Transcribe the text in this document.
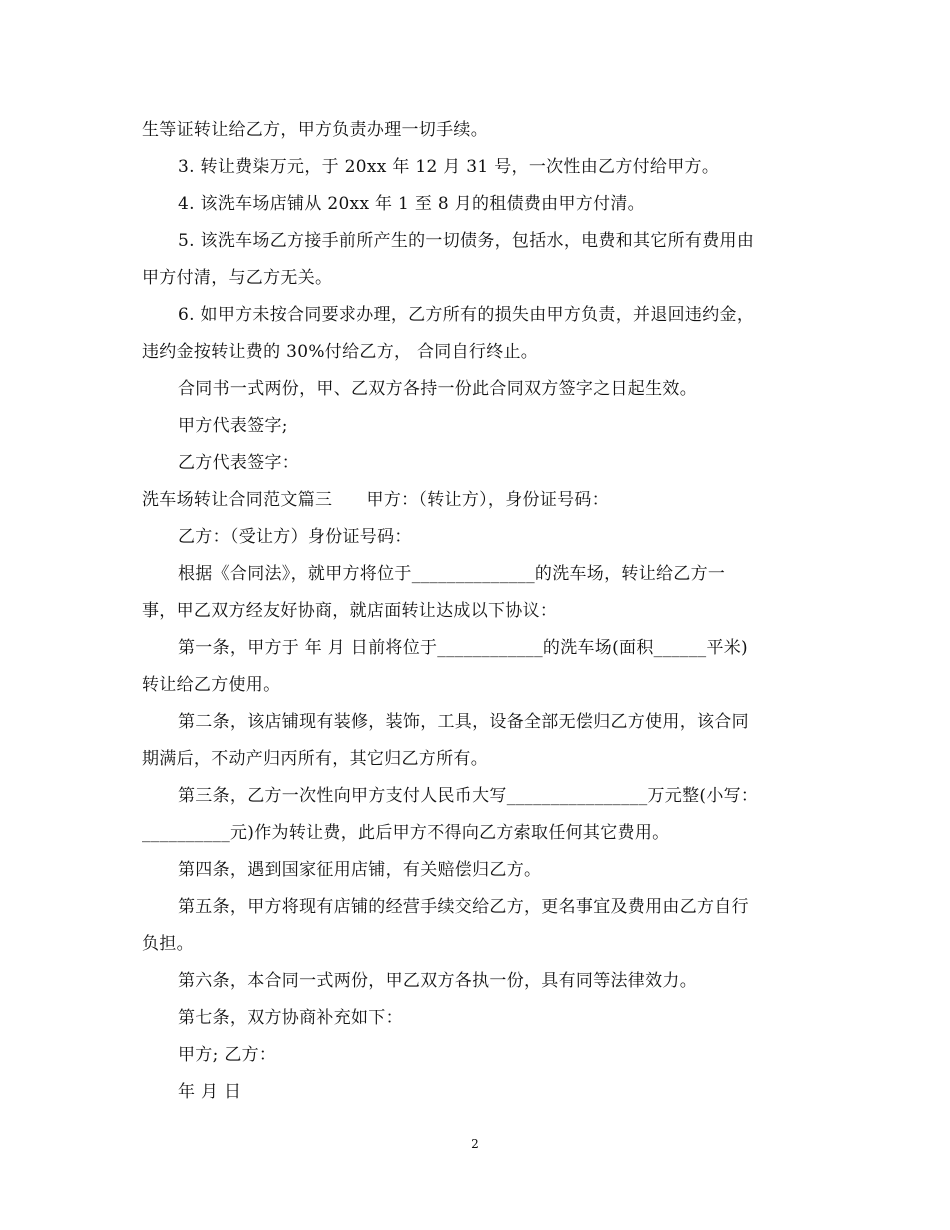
生等证转让给乙方，甲方负责办理一切手续。
3. 转让费柒万元，于 20xx 年 12 月 31 号，一次性由乙方付给甲方。
4. 该洗车场店铺从 20xx 年 1 至 8 月的租债费由甲方付清。
5. 该洗车场乙方接手前所产生的一切债务，包括水，电费和其它所有费用由
甲方付清，与乙方无关。
6. 如甲方未按合同要求办理，乙方所有的损失由甲方负责，并退回违约金，
违约金按转让费的 30%付给乙方， 合同自行终止。
合同书一式两份，甲、乙双方各持一份此合同双方签字之日起生效。
甲方代表签字;
乙方代表签字：
洗车场转让合同范文篇三      甲方：（转让方），身份证号码：
乙方：（受让方）身份证号码：
根据《合同法》，就甲方将位于______________的洗车场，转让给乙方一
事，甲乙双方经友好协商，就店面转让达成以下协议：
第一条，甲方于 年 月 日前将位于____________的洗车场(面积______平米)
转让给乙方使用。
第二条，该店铺现有装修，装饰，工具，设备全部无偿归乙方使用，该合同
期满后，不动产归丙所有，其它归乙方所有。
第三条，乙方一次性向甲方支付人民币大写________________万元整(小写：
__________元)作为转让费，此后甲方不得向乙方索取任何其它费用。
第四条，遇到国家征用店铺，有关赔偿归乙方。
第五条，甲方将现有店铺的经营手续交给乙方，更名事宜及费用由乙方自行
负担。
第六条，本合同一式两份，甲乙双方各执一份，具有同等法律效力。
第七条，双方协商补充如下：
甲方; 乙方：
年 月 日
2
